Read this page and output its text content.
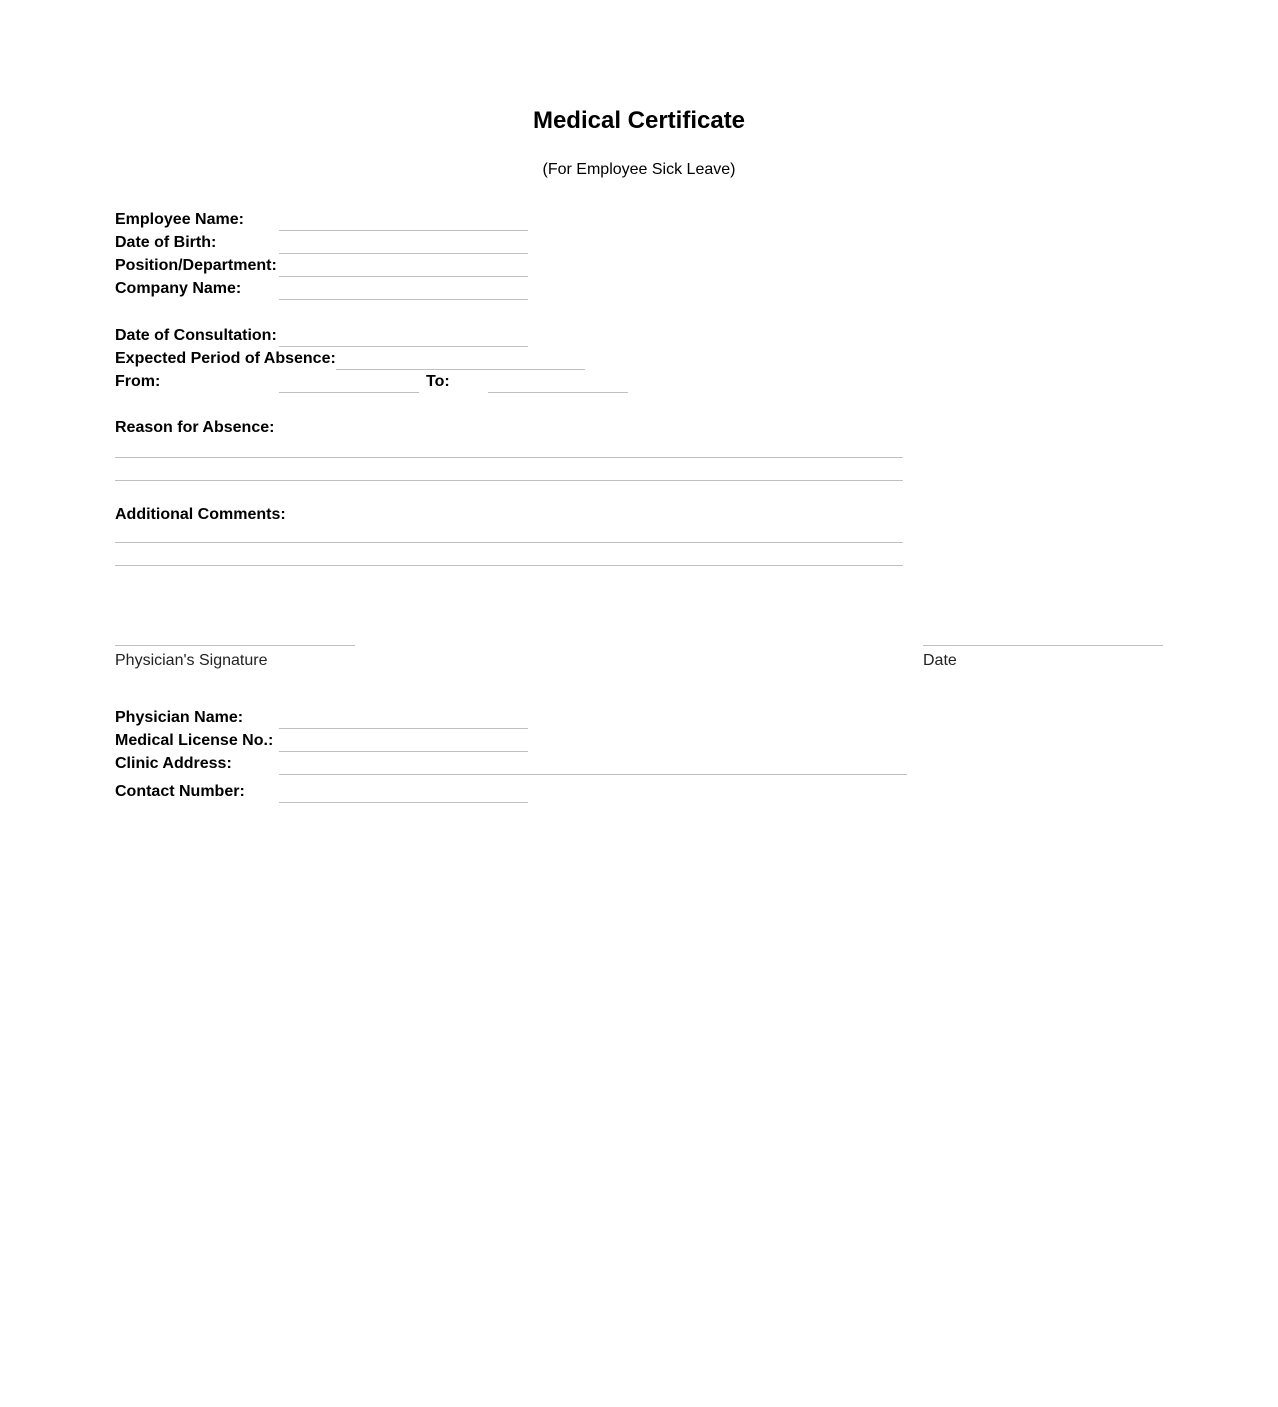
Medical Certificate
(For Employee Sick Leave)
Employee Name:
Date of Birth:
Position/Department:
Company Name:
Date of Consultation:
Expected Period of Absence:
From:	To:
Reason for Absence:
Additional Comments:
Physician's Signature	Date
Physician Name:
Medical License No.:
Clinic Address:
Contact Number:
